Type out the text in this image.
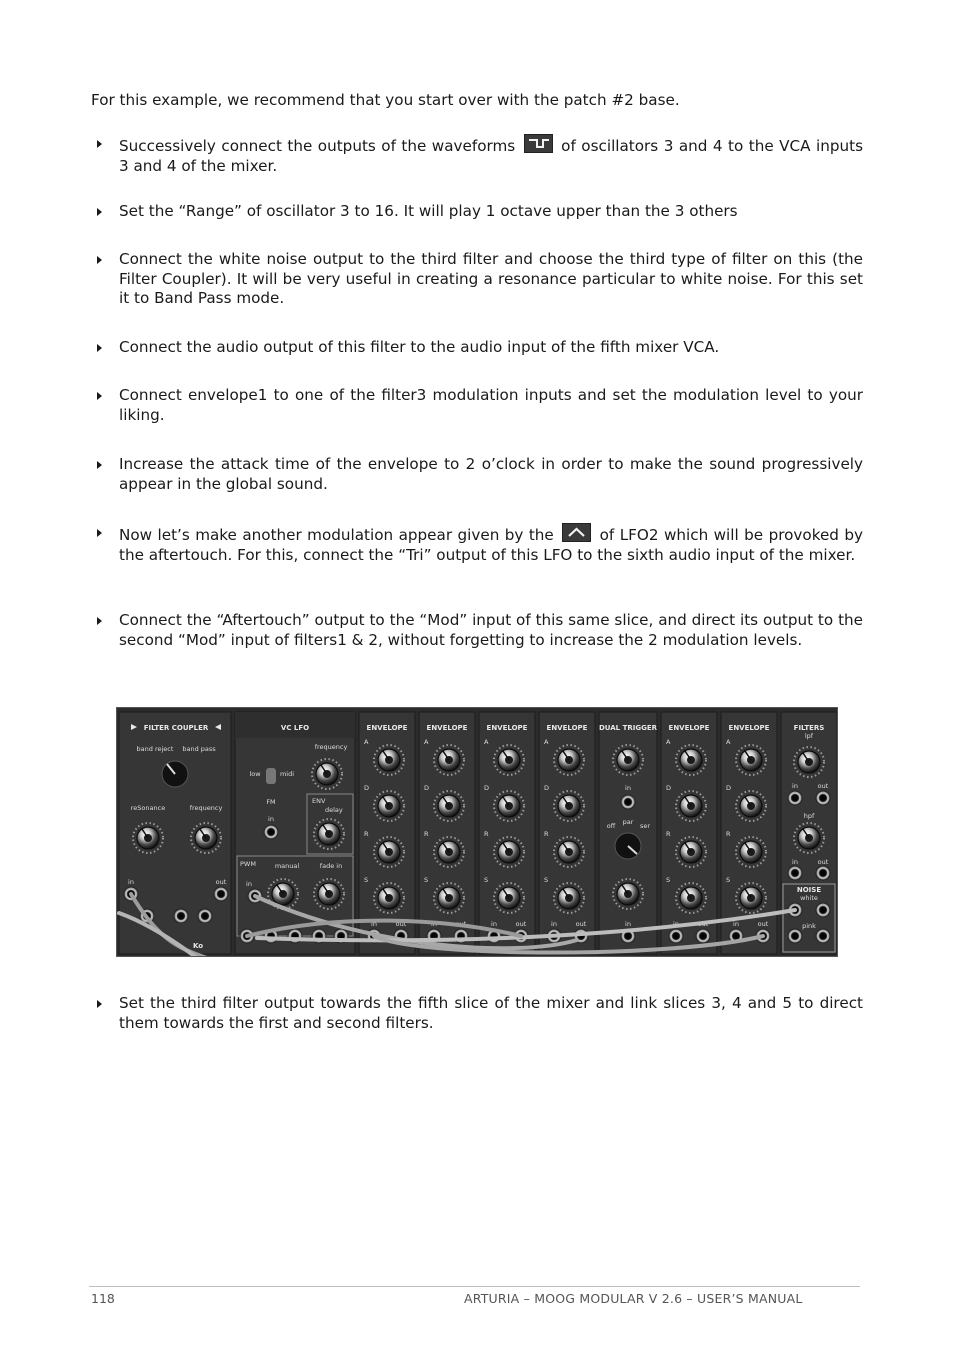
For this example, we recommend that you start over with the patch #2 base.
Successively connect the outputs of the waveforms	of oscillators 3 and 4 to the VCA inputs 3 and 4 of the mixer.
Set the “Range” of oscillator 3 to 16. It will play 1 octave upper than the 3 others
Connect the white noise output to the third filter and choose the third type of filter on this (the Filter Coupler). It will be very useful in creating a resonance particular to white noise. For this set it to Band Pass mode.
Connect the audio output of this filter to the audio input of the fifth mixer VCA.
Connect envelope1 to one of the filter3 modulation inputs and set the modulation level to your liking.
Increase the attack time of the envelope to 2 o’clock in order to make the sound progressively appear in the global sound.
Now let’s make another modulation appear given by the	of LFO2 which will be provoked by the aftertouch. For this, connect the “Tri” output of this LFO to the sixth audio input of the mixer.
Connect the “Aftertouch” output to the “Mod” input of this same slice, and direct its output to the second “Mod” input of filters1 & 2, without forgetting to increase the 2 modulation levels.
FILTER COUPLER
band reject band pass
reSonance	frequency
in	out
Ko
VC LFO
frequency
low	midi
FM
in
ENV
delay
PWM	manual	fade in
in
ENVELOPE
A
D
R
S
in	out
ENVELOPE
A
D
R
S
in	out
ENVELOPE
A
D
R
S
in	out
ENVELOPE
A
D
R
S
in	out
DUAL TRIGGER
in
off par ser
in
ENVELOPE
A
D
R
S
in	out
ENVELOPE
A
D
R
S
in	out
FILTERS
lpf
in	out
hpf
in	out
NOISE
white
pink
Set the third filter output towards the fifth slice of the mixer and link slices 3, 4 and 5 to direct them towards the first and second filters.
118	ARTURIA – MOOG MODULAR V 2.6 – USER’S MANUAL
